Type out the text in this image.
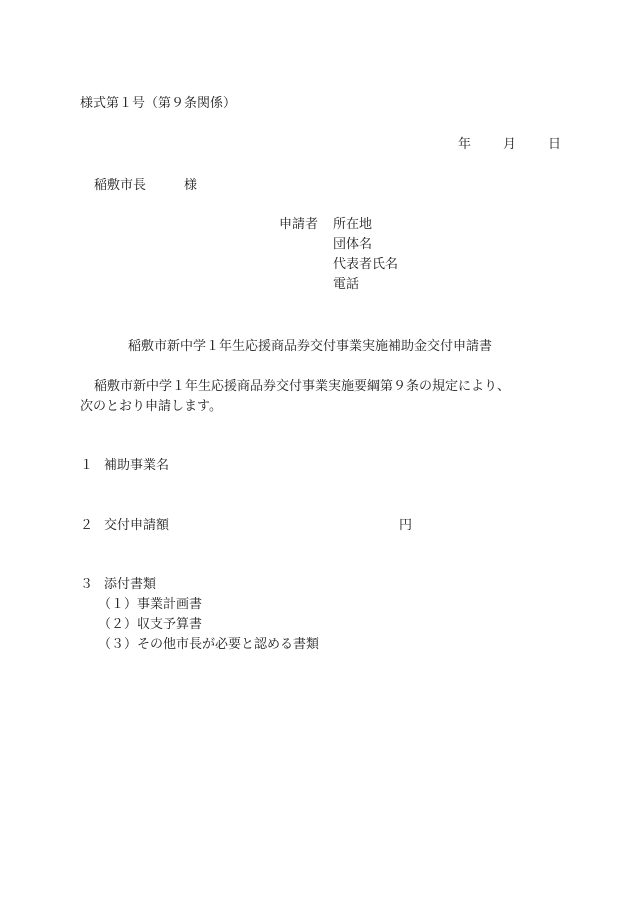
様式第１号（第９条関係）
年 月 日
稲敷市長	様
申請者 所在地
団体名
代表者氏名
電話
稲敷市新中学１年生応援商品券交付事業実施補助金交付申請書
稲敷市新中学１年生応援商品券交付事業実施要綱第９条の規定により、
次のとおり申請します。
１ 補助事業名
２ 交付申請額	円
３ 添付書類
（１）事業計画書
（２）収支予算書
（３）その他市長が必要と認める書類
